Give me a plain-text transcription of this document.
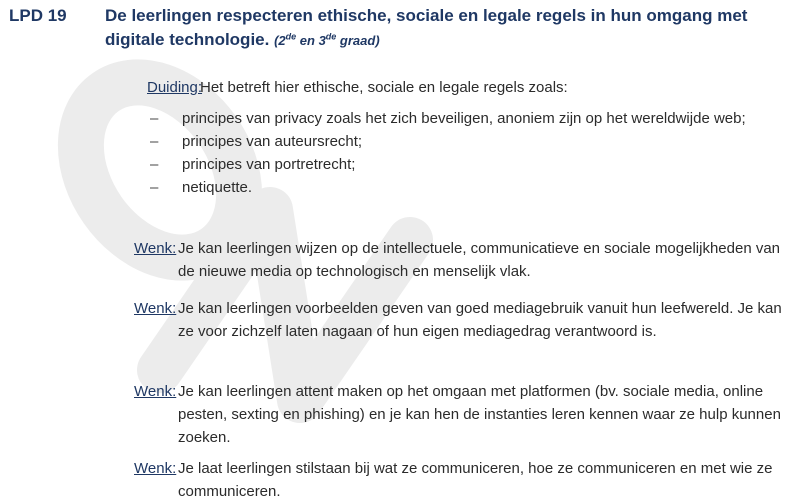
LPD 19	De leerlingen respecteren ethische, sociale en legale regels in hun omgang met digitale technologie. (2de en 3de graad)
Duiding:
Het betreft hier ethische, sociale en legale regels zoals:
–	principes van privacy zoals het zich beveiligen, anoniem zijn op het wereldwijde web;
–	principes van auteursrecht;
–	principes van portretrecht;
–	netiquette.
Wenk: Je kan leerlingen wijzen op de intellectuele, communicatieve en sociale mogelijkheden van de nieuwe media op technologisch en menselijk vlak.
Wenk: Je kan leerlingen voorbeelden geven van goed mediagebruik vanuit hun leefwereld. Je kan ze voor zichzelf laten nagaan of hun eigen mediagedrag verantwoord is.
Wenk: Je kan leerlingen attent maken op het omgaan met platformen (bv. sociale media, online pesten, sexting en phishing) en je kan hen de instanties leren kennen waar ze hulp kunnen zoeken.
Wenk: Je laat leerlingen stilstaan bij wat ze communiceren, hoe ze communiceren en met wie ze communiceren.
